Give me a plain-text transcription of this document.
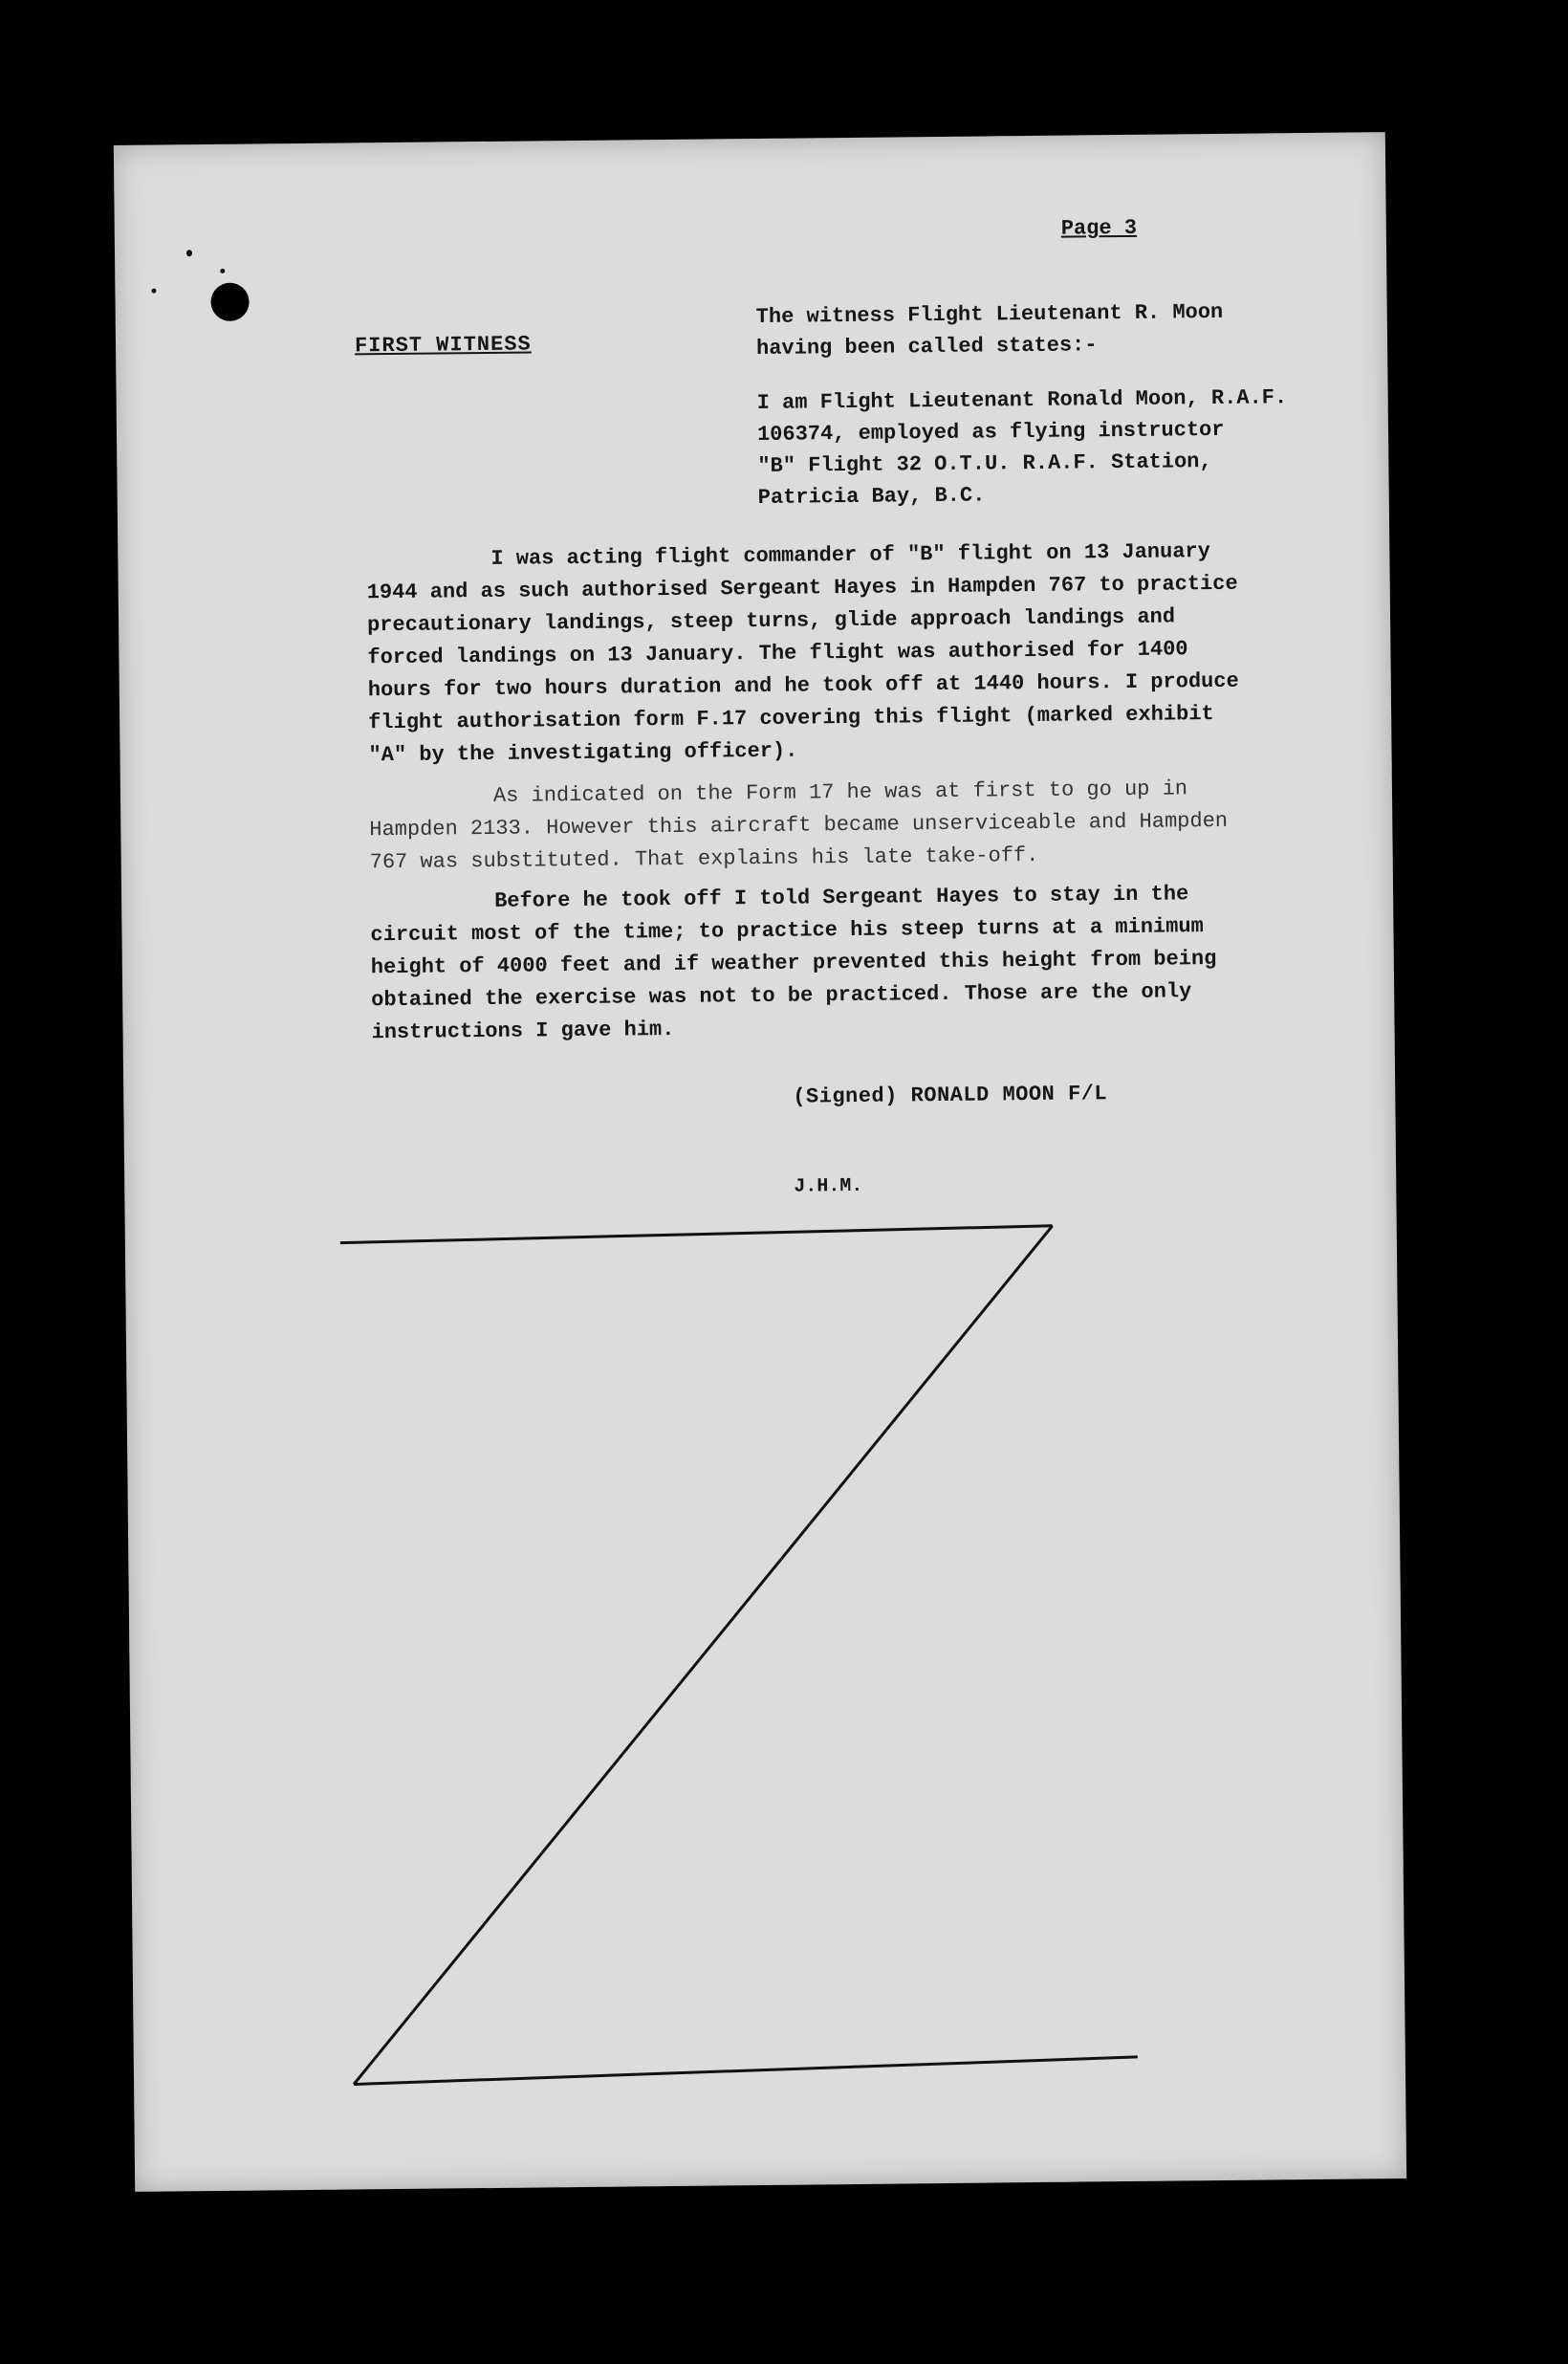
Page 3
FIRST WITNESS
The witness Flight Lieutenant R. Moon
having been called states:-
I am Flight Lieutenant Ronald Moon, R.A.F.
106374, employed as flying instructor
"B" Flight 32 O.T.U. R.A.F. Station,
Patricia Bay, B.C.
I was acting flight commander of "B" flight on 13 January 1944 and as such authorised Sergeant Hayes in Hampden 767 to practice precautionary landings, steep turns, glide approach landings and forced landings on 13 January. The flight was authorised for 1400 hours for two hours duration and he took off at 1440 hours. I produce flight authorisation form F.17 covering this flight (marked exhibit "A" by the investigating officer).
As indicated on the Form 17 he was at first to go up in Hampden 2133. However this aircraft became unserviceable and Hampden 767 was substituted. That explains his late take-off.
Before he took off I told Sergeant Hayes to stay in the circuit most of the time; to practice his steep turns at a minimum height of 4000 feet and if weather prevented this height from being obtained the exercise was not to be practiced. Those are the only instructions I gave him.
(Signed) RONALD MOON F/L
J.H.M.
